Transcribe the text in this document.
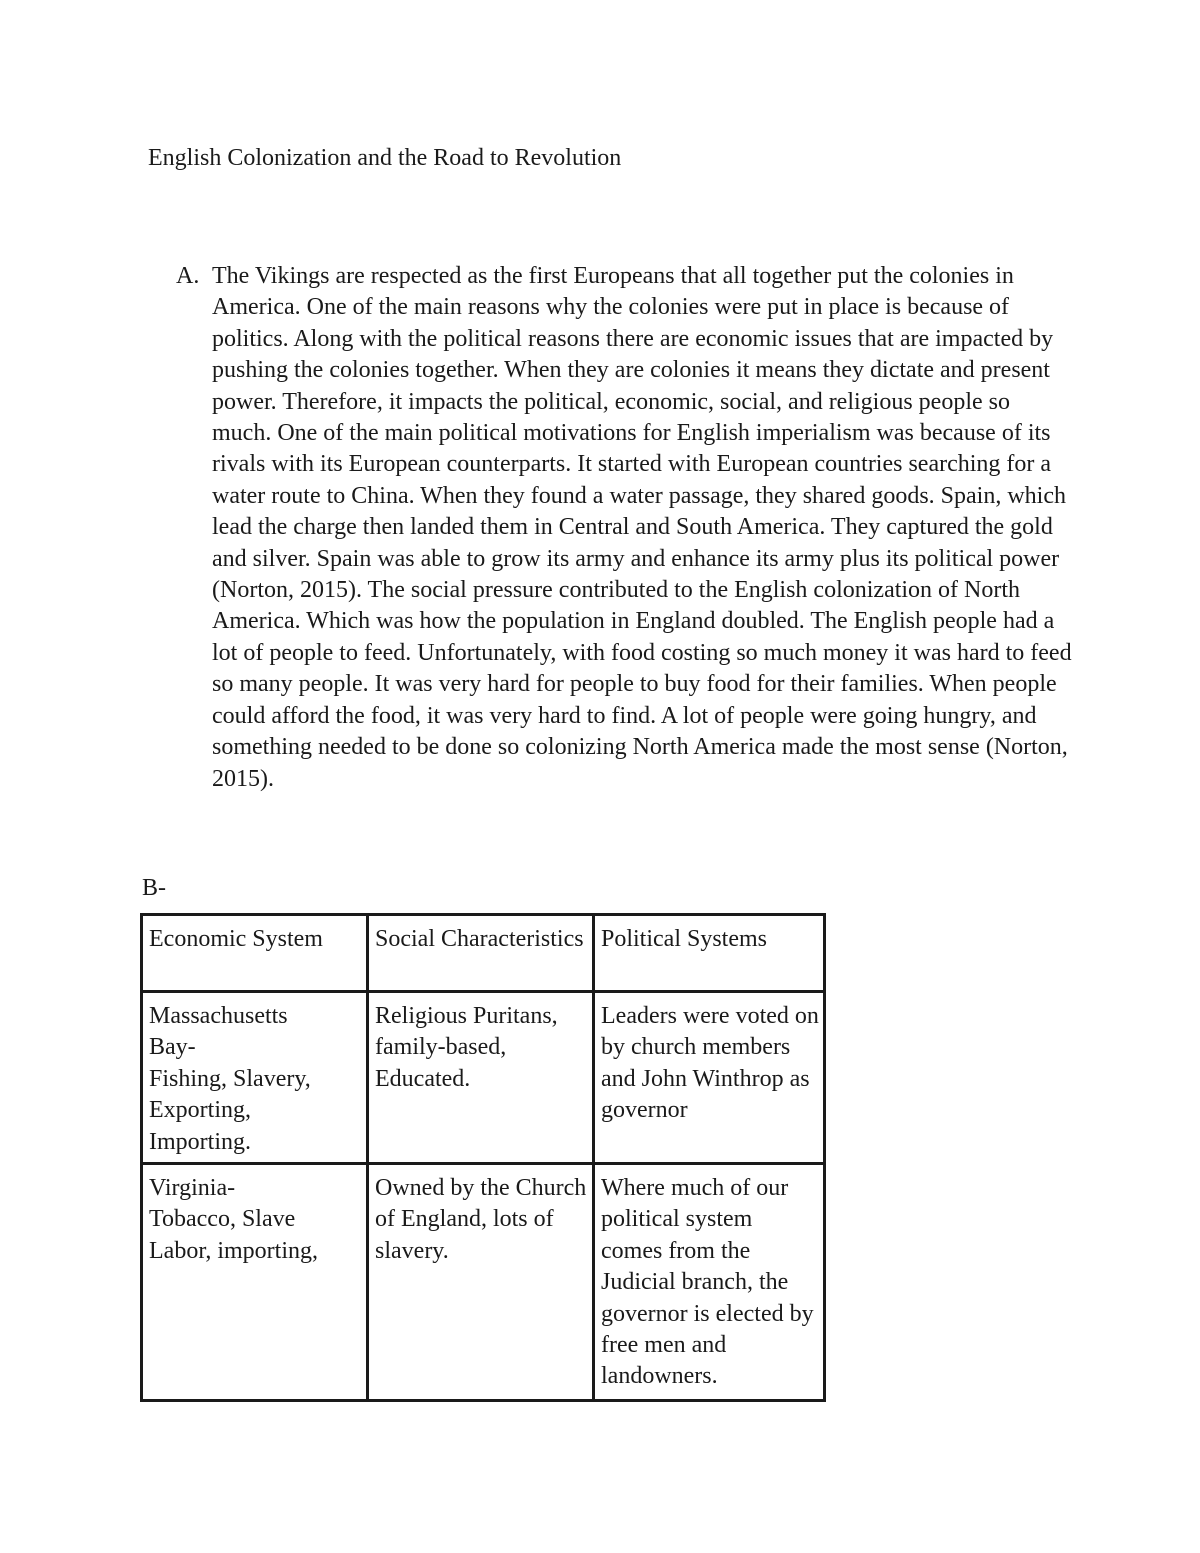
English Colonization and the Road to Revolution
A. The Vikings are respected as the first Europeans that all together put the colonies in America. One of the main reasons why the colonies were put in place is because of politics. Along with the political reasons there are economic issues that are impacted by pushing the colonies together. When they are colonies it means they dictate and present power. Therefore, it impacts the political, economic, social, and religious people so much. One of the main political motivations for English imperialism was because of its rivals with its European counterparts. It started with European countries searching for a water route to China. When they found a water passage, they shared goods. Spain, which lead the charge then landed them in Central and South America. They captured the gold and silver. Spain was able to grow its army and enhance its army plus its political power (Norton, 2015). The social pressure contributed to the English colonization of North America. Which was how the population in England doubled. The English people had a lot of people to feed. Unfortunately, with food costing so much money it was hard to feed so many people. It was very hard for people to buy food for their families. When people could afford the food, it was very hard to find. A lot of people were going hungry, and something needed to be done so colonizing North America made the most sense (Norton, 2015).
B-
Economic System	Social Characteristics	Political Systems

Massachusetts
Bay-
Fishing, Slavery,
Exporting,
Importing.	Religious Puritans, family-based, Educated.	Leaders were voted on by church members and John Winthrop as governor

Virginia-
Tobacco, Slave Labor, importing,	Owned by the Church of England, lots of slavery.	Where much of our political system comes from the Judicial branch, the governor is elected by free men and landowners.
